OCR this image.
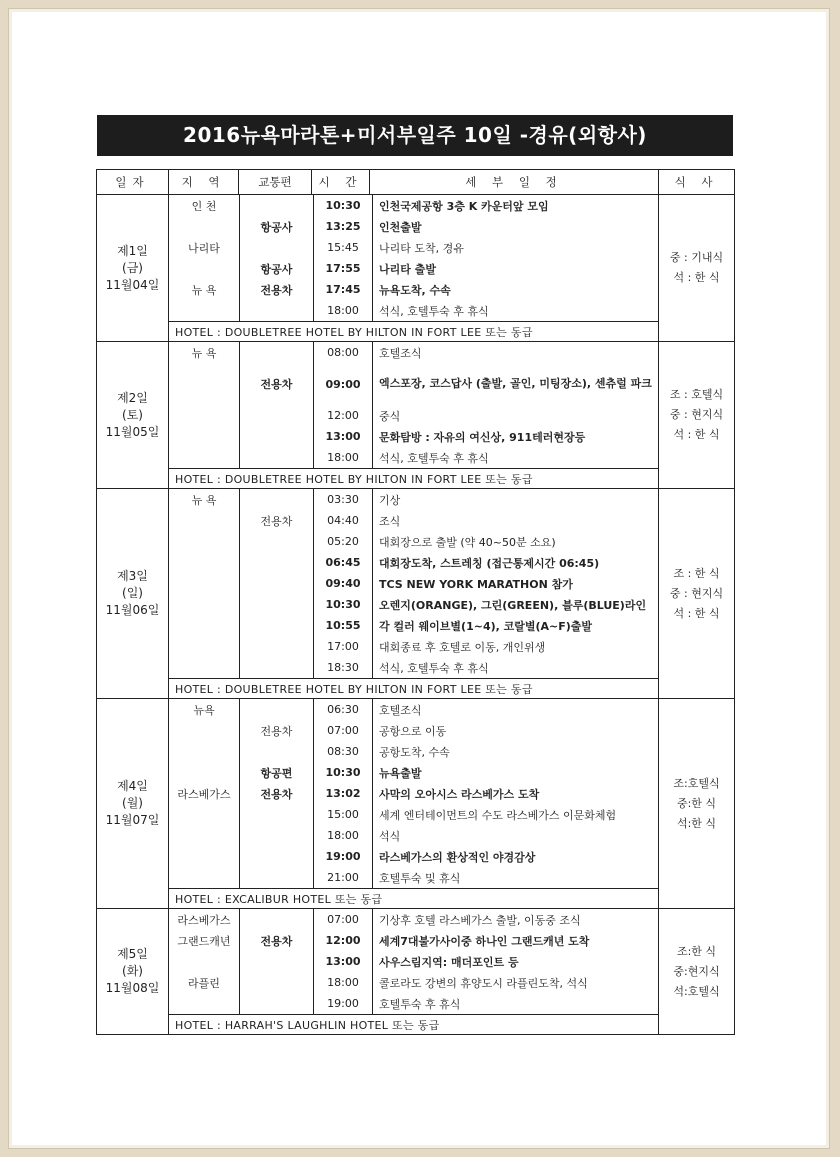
2016뉴욕마라톤+미서부일주 10일 -경유(외항사)
일자	지 역	교통편	시 간	세 부 일 정	식 사

제1일
(금)
11월04일

인 천		10:30	인천국제공항 3층 K 카운터앞 모임
	항공사	13:25	인천출발
나리타		15:45	나리타 도착, 경유
	항공사	17:55	나리타 출발
뉴 욕	전용차	17:45	뉴욕도착, 수속
		18:00	석식, 호텔투숙 후 휴식

중 : 기내식
석 : 한 식

HOTEL : DOUBLETREE HOTEL BY HILTON IN FORT LEE 또는 동급

제2일
(토)
11월05일

뉴 욕		08:00	호텔조식
	전용차	09:00	엑스포장, 코스답사 (출발, 골인, 미팅장소), 센츄럴 파크
		12:00	중식
		13:00	문화탐방 : 자유의 여신상, 911테러현장등
		18:00	석식, 호텔투숙 후 휴식

조 : 호텔식
중 : 현지식
석 : 한 식

HOTEL : DOUBLETREE HOTEL BY HILTON IN FORT LEE 또는 동급

제3일
(일)
11월06일

뉴 욕		03:30	기상
	전용차	04:40	조식
		05:20	대회장으로 출발 (약 40~50분 소요)
		06:45	대회장도착, 스트레칭 (접근통제시간 06:45)
		09:40	TCS NEW YORK MARATHON 참가
		10:30	오렌지(ORANGE), 그린(GREEN), 블루(BLUE)라인
		10:55	각 컬러 웨이브별(1~4), 코랄별(A~F)출발
		17:00	대회종료 후 호텔로 이동, 개인위생
		18:30	석식, 호텔투숙 후 휴식

조 : 한 식
중 : 현지식
석 : 한 식

HOTEL : DOUBLETREE HOTEL BY HILTON IN FORT LEE 또는 동급

제4일
(월)
11월07일

뉴욕		06:30	호텔조식
	전용차	07:00	공항으로 이동
		08:30	공항도착, 수속
	항공편	10:30	뉴욕출발
라스베가스	전용차	13:02	사막의 오아시스 라스베가스 도착
		15:00	세계 엔터테이먼트의 수도 라스베가스 이문화체험
		18:00	석식
		19:00	라스베가스의 환상적인 야경감상
		21:00	호텔투숙 및 휴식

조:호텔식
중:한 식
석:한 식

HOTEL : EXCALIBUR HOTEL 또는 동급

제5일
(화)
11월08일

라스베가스		07:00	기상후 호텔 라스베가스 출발, 이동중 조식
그랜드캐년	전용차	12:00	세계7대불가사이중 하나인 그랜드캐년 도착
		13:00	사우스림지역: 매더포인트 등
라플린		18:00	콜로라도 강변의 휴양도시 라플린도착, 석식
		19:00	호텔투숙 후 휴식

조:한 식
중:현지식
석:호텔식

HOTEL : HARRAH'S LAUGHLIN HOTEL 또는 동급
